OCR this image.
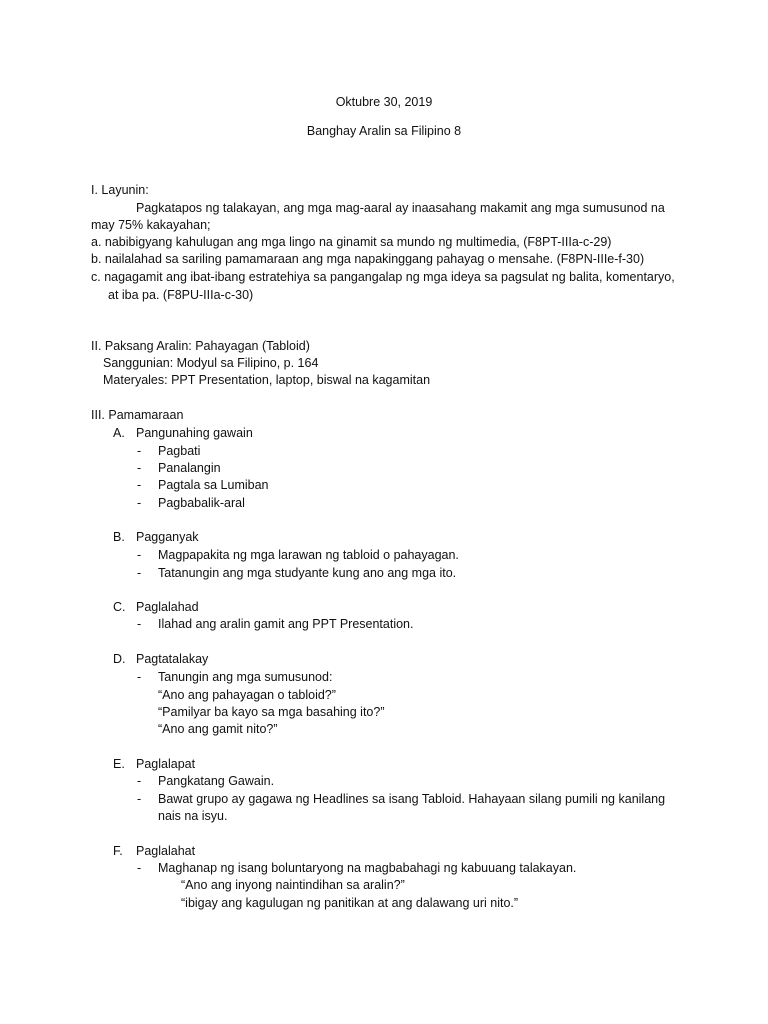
Oktubre 30, 2019
Banghay Aralin sa Filipino 8
I. Layunin:
Pagkatapos ng talakayan, ang mga mag-aaral ay inaasahang makamit ang mga sumusunod na
may 75% kakayahan;
a. nabibigyang kahulugan ang mga lingo na ginamit sa mundo ng multimedia, (F8PT-IIIa-c-29)
b. nailalahad sa sariling pamamaraan ang mga napakinggang pahayag o mensahe. (F8PN-IIIe-f-30)
c. nagagamit ang ibat-ibang estratehiya sa pangangalap ng mga ideya sa pagsulat ng balita, komentaryo,
at iba pa. (F8PU-IIIa-c-30)
II. Paksang Aralin: Pahayagan (Tabloid)
Sanggunian: Modyul sa Filipino, p. 164
Materyales: PPT Presentation, laptop, biswal na kagamitan
III. Pamamaraan
A. Pangunahing gawain
- Pagbati
- Panalangin
- Pagtala sa Lumiban
- Pagbabalik-aral
B. Pagganyak
- Magpapakita ng mga larawan ng tabloid o pahayagan.
- Tatanungin ang mga studyante kung ano ang mga ito.
C. Paglalahad
- Ilahad ang aralin gamit ang PPT Presentation.
D. Pagtatalakay
- Tanungin ang mga sumusunod:
“Ano ang pahayagan o tabloid?”
“Pamilyar ba kayo sa mga basahing ito?”
“Ano ang gamit nito?”
E. Paglalapat
- Pangkatang Gawain.
- Bawat grupo ay gagawa ng Headlines sa isang Tabloid. Hahayaan silang pumili ng kanilang
nais na isyu.
F. Paglalahat
- Maghanap ng isang boluntaryong na magbabahagi ng kabuuang talakayan.
“Ano ang inyong naintindihan sa aralin?”
“ibigay ang kagulugan ng panitikan at ang dalawang uri nito.”
